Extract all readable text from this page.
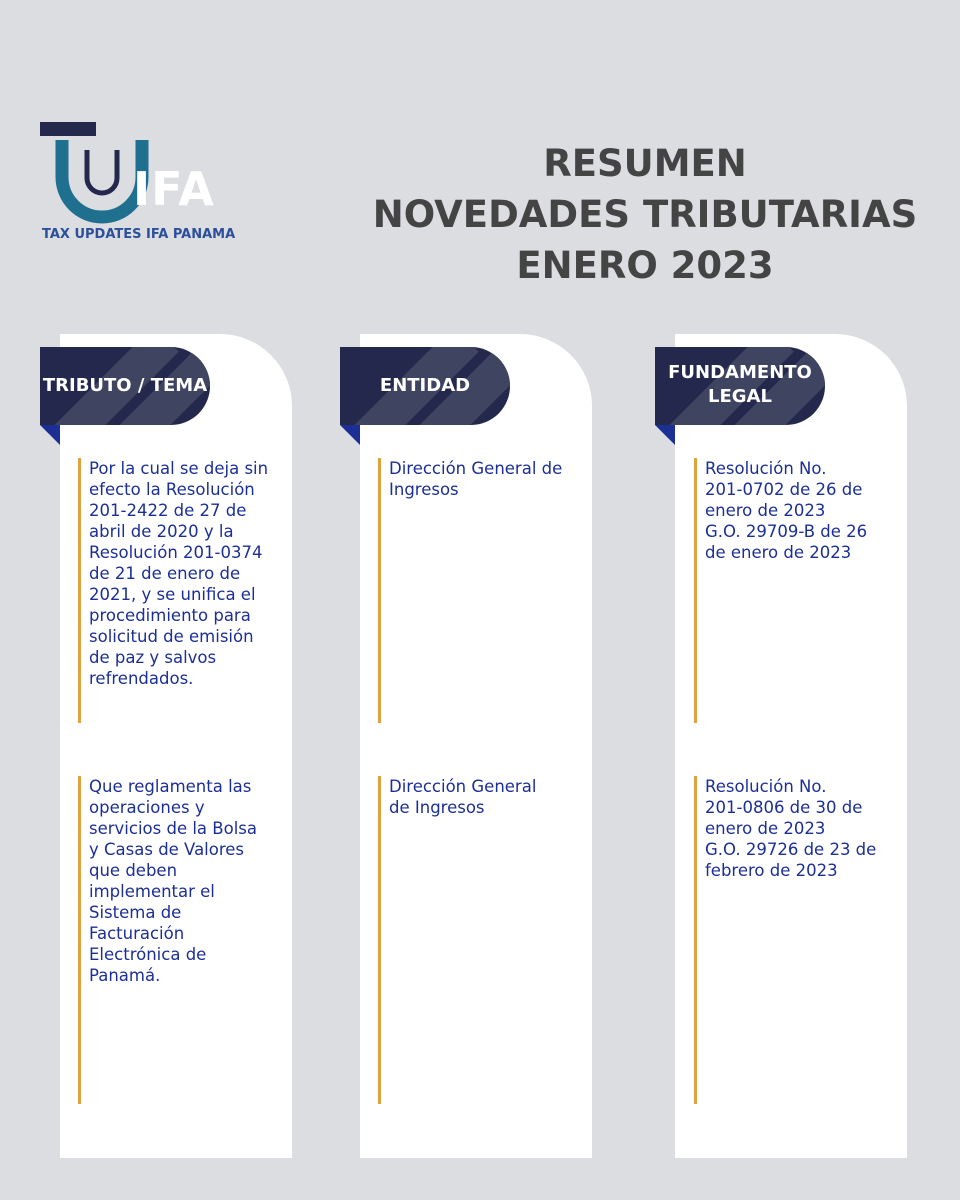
IFA
TAX UPDATES IFA PANAMA
RESUMEN
NOVEDADES TRIBUTARIAS
ENERO 2023
TRIBUTO / TEMA	ENTIDAD
FUNDAMENTO
LEGAL
Por la cual se deja sin
efecto la Resolución
201-2422 de 27 de
abril de 2020 y la
Resolución 201-0374
de 21 de enero de
2021, y se unifica el
procedimiento para
solicitud de emisión
de paz y salvos
refrendados.
Dirección General de
Ingresos
Resolución No.
201-0702 de 26 de
enero de 2023
G.O. 29709-B de 26
de enero de 2023
Que reglamenta las
operaciones y
servicios de la Bolsa
y Casas de Valores
que deben
implementar el
Sistema de
Facturación
Electrónica de
Panamá.
Dirección General
de Ingresos
Resolución No.
201-0806 de 30 de
enero de 2023
G.O. 29726 de 23 de
febrero de 2023
